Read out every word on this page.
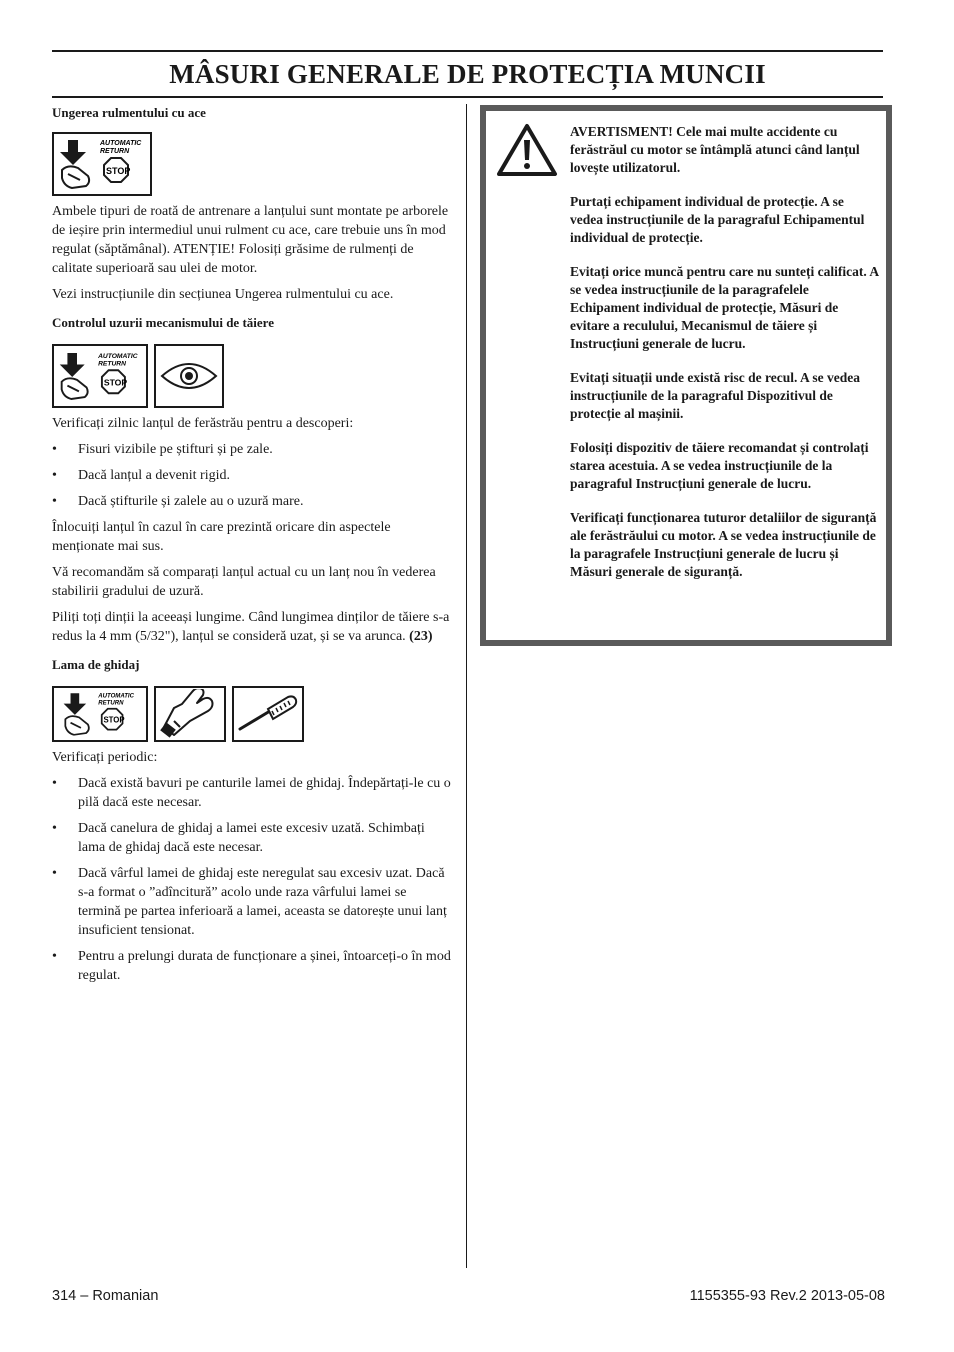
MÂSURI GENERALE DE PROTECȚIA MUNCII
Ungerea rulmentului cu ace
AUTOMATIC
RETURN
STOP

Ambele tipuri de roată de antrenare a lanțului sunt montate pe arborele de ieșire prin intermediul unui rulment cu ace, care trebuie uns în mod regulat (săptămânal). ATENȚIE! Folosiți grăsime de rulmenți de calitate superioară sau ulei de motor.

Vezi instrucțiunile din secțiunea Ungerea rulmentului cu ace.

Controlul uzurii mecanismului de tăiere
AUTOMATIC
RETURN
STOP

Verificați zilnic lanțul de ferăstrău pentru a descoperi:

• Fisuri vizibile pe știfturi și pe zale.
• Dacă lanțul a devenit rigid.
• Dacă știfturile și zalele au o uzură mare.

Înlocuiți lanțul în cazul în care prezintă oricare din aspectele menționate mai sus.

Vă recomandăm să comparați lanțul actual cu un lanț nou în vederea stabilirii gradului de uzură.

Piliți toți dinții la aceeași lungime. Când lungimea dinților de tăiere s-a redus la 4 mm (5/32"), lanțul se consideră uzat, și se va arunca. (23)

Lama de ghidaj
AUTOMATIC
RETURN
STOP

Verificați periodic:

• Dacă există bavuri pe canturile lamei de ghidaj. Îndepărtați-le cu o pilă dacă este necesar.
• Dacă canelura de ghidaj a lamei este excesiv uzată. Schimbați lama de ghidaj dacă este necesar.
• Dacă vârful lamei de ghidaj este neregulat sau excesiv uzat. Dacă s-a format o ”adîncitură” acolo unde raza vârfului lamei se termină pe partea inferioară a lamei, aceasta se datorește unui lanț insuficient tensionat.
• Pentru a prelungi durata de funcționare a șinei, întoarceți-o în mod regulat.

AVERTISMENT! Cele mai multe accidente cu ferăstrăul cu motor se întâmplă atunci când lanțul lovește utilizatorul.

Purtați echipament individual de protecție. A se vedea instrucțiunile de la paragraful Echipamentul individual de protecție.

Evitați orice muncă pentru care nu sunteți calificat. A se vedea instrucțiunile de la paragrafelele Echipament individual de protecție, Măsuri de evitare a reculului, Mecanismul de tăiere și Instrucțiuni generale de lucru.

Evitați situații unde există risc de recul. A se vedea instrucțiunile de la paragraful Dispozitivul de protecție al mașinii.

Folosiți dispozitiv de tăiere recomandat și controlați starea acestuia. A se vedea instrucțiunile de la paragraful Instrucțiuni generale de lucru.

Verificați funcționarea tuturor detaliilor de siguranță ale ferăstrăului cu motor. A se vedea instrucțiunile de la paragrafele Instrucțiuni generale de lucru și Măsuri generale de siguranță.

314 – Romanian	1155355-93 Rev.2 2013-05-08
